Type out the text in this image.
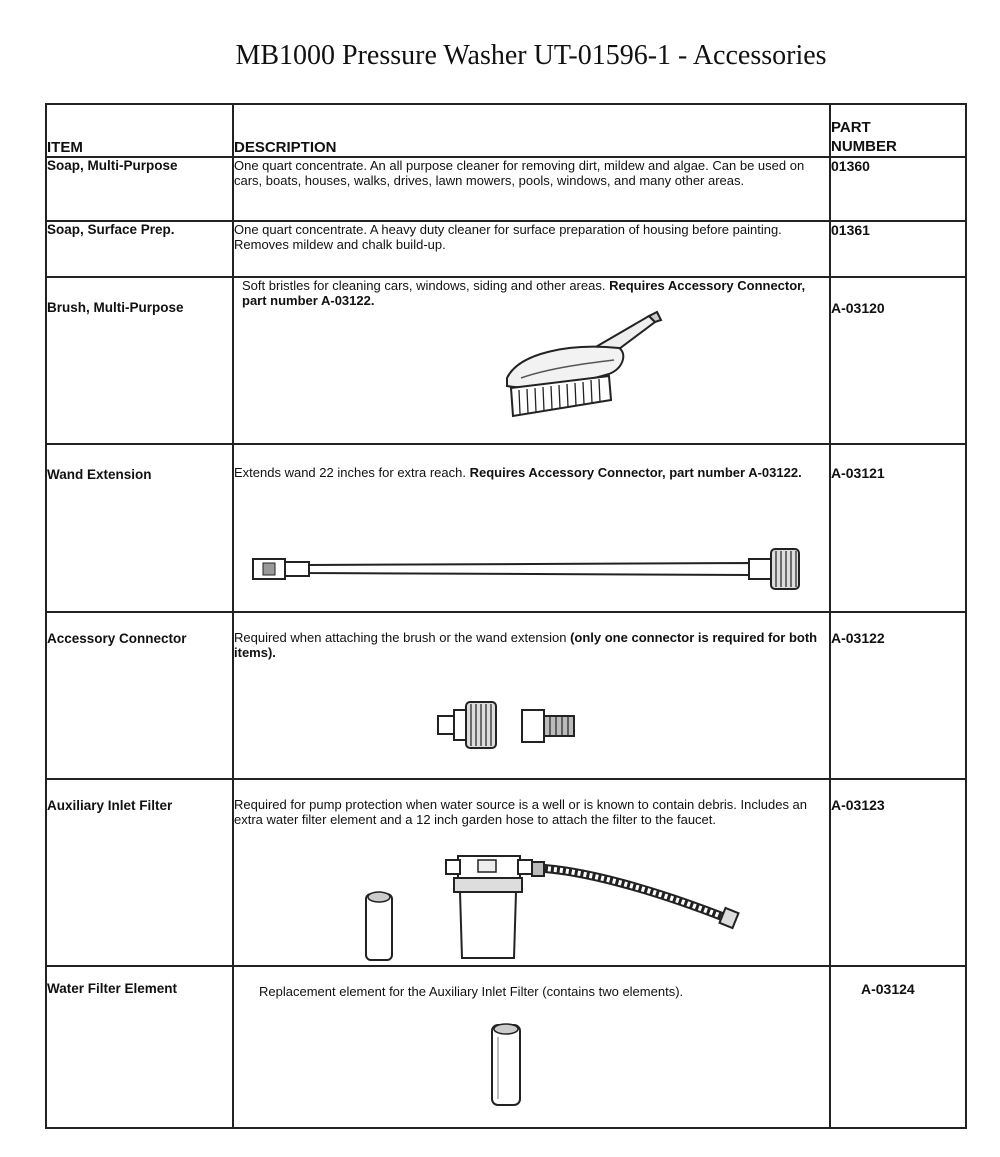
MB1000 Pressure Washer UT-01596-1 - Accessories
ITEM	DESCRIPTION	PART
NUMBER
Soap, Multi-Purpose	One quart concentrate. An all purpose cleaner for removing dirt, mildew and algae. Can be used on cars, boats, houses, walks, drives, lawn mowers, pools, windows, and many other areas.	01360
Soap, Surface Prep.	One quart concentrate. A heavy duty cleaner for surface preparation of housing before painting. Removes mildew and chalk build-up.	01361
Brush, Multi-Purpose	Soft bristles for cleaning cars, windows, siding and other areas. Requires Accessory Connector, part number A-03122.	A-03120
Wand Extension	Extends wand 22 inches for extra reach. Requires Accessory Connector, part number A-03122.	A-03121
Accessory Connector	Required when attaching the brush or the wand extension (only one connector is required for both items).	A-03122
Auxiliary Inlet Filter	Required for pump protection when water source is a well or is known to contain debris. Includes an extra water filter element and a 12 inch garden hose to attach the filter to the faucet.	A-03123
Water Filter Element	Replacement element for the Auxiliary Inlet Filter (contains two elements).	A-03124
